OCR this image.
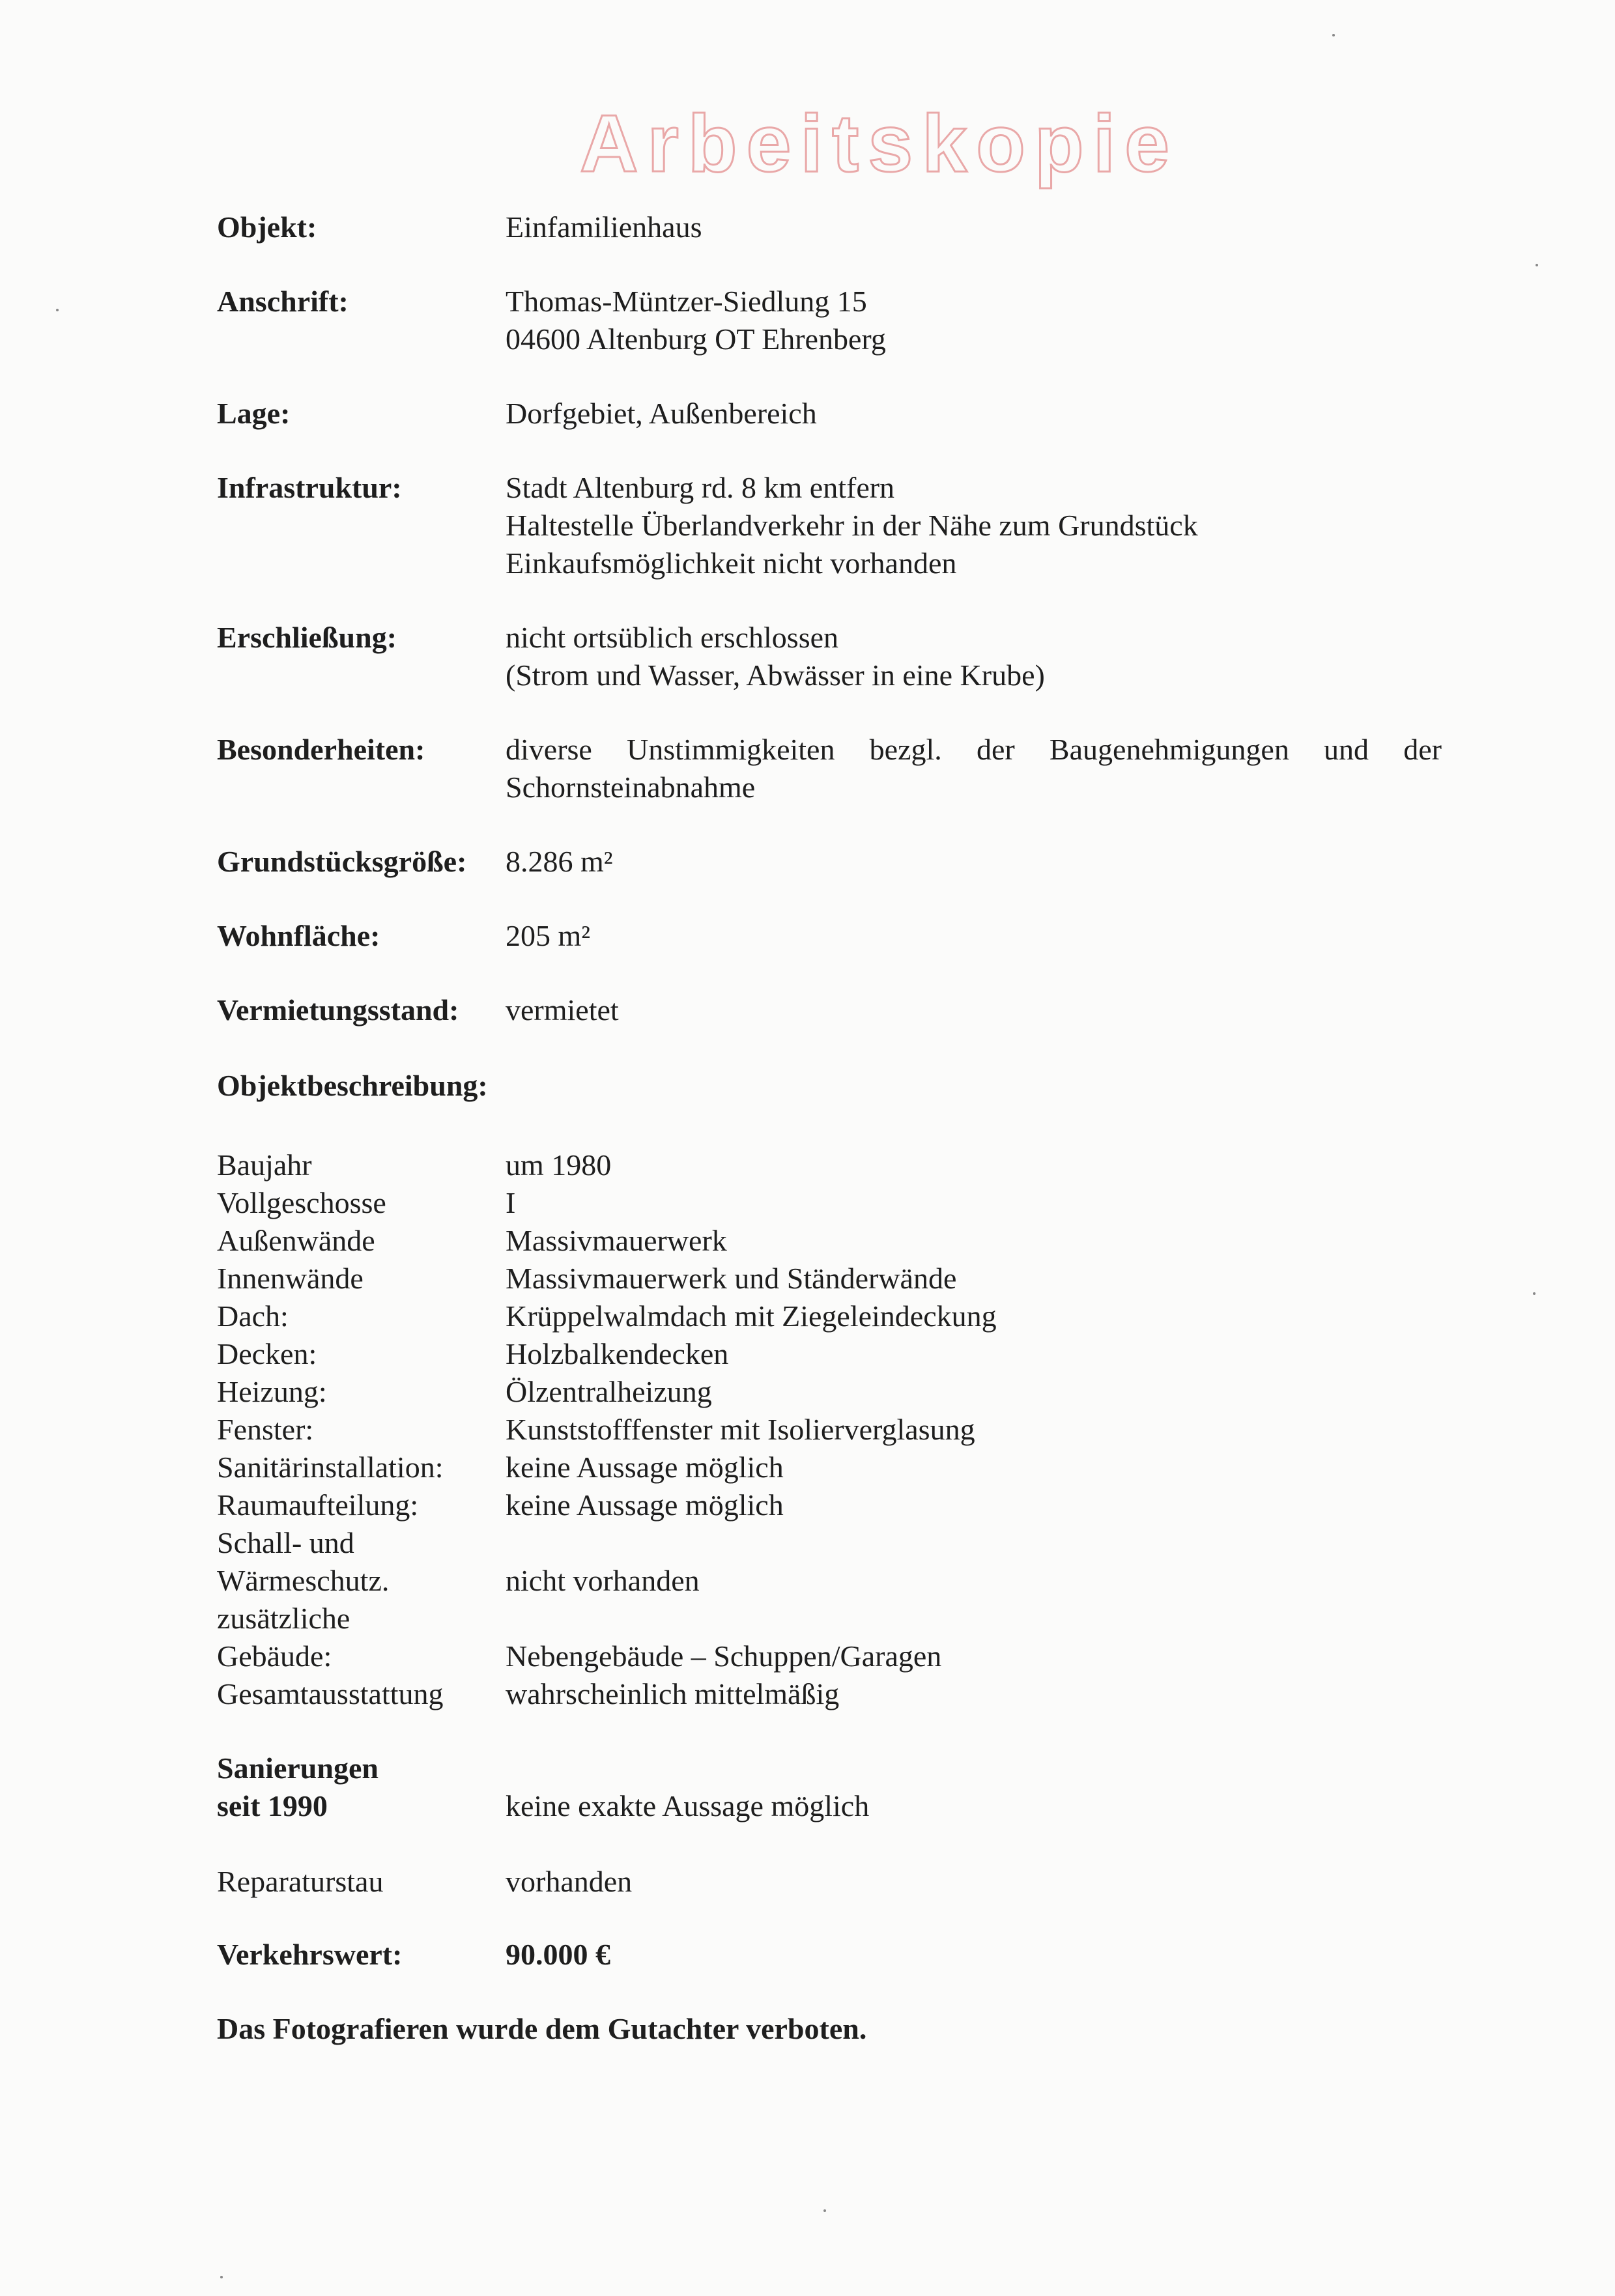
Arbeitskopie
Objekt:	Einfamilienhaus
Anschrift:	Thomas-Müntzer-Siedlung 15
04600 Altenburg OT Ehrenberg
Lage:	Dorfgebiet, Außenbereich
Infrastruktur:	Stadt Altenburg rd. 8 km entfern
Haltestelle Überlandverkehr in der Nähe zum Grundstück
Einkaufsmöglichkeit nicht vorhanden
Erschließung:	nicht ortsüblich erschlossen
(Strom und Wasser, Abwässer in eine Krube)
Besonderheiten:	diverse Unstimmigkeiten bezgl. der Baugenehmigungen und der Schornsteinabnahme
Grundstücksgröße:	8.286 m²
Wohnfläche:	205 m²
Vermietungsstand:	vermietet
Objektbeschreibung:
Baujahr	um 1980
Vollgeschosse	I
Außenwände	Massivmauerwerk
Innenwände	Massivmauerwerk und Ständerwände
Dach:	Krüppelwalmdach mit Ziegeleindeckung
Decken:	Holzbalkendecken
Heizung:	Ölzentralheizung
Fenster:	Kunststofffenster mit Isolierverglasung
Sanitärinstallation:	keine Aussage möglich
Raumaufteilung:	keine Aussage möglich
Schall- und
Wärmeschutz.	nicht vorhanden
zusätzliche
Gebäude:	Nebengebäude – Schuppen/Garagen
Gesamtausstattung	wahrscheinlich mittelmäßig
Sanierungen
seit 1990	keine exakte Aussage möglich
Reparaturstau	vorhanden
Verkehrswert:	90.000 €
Das Fotografieren wurde dem Gutachter verboten.
